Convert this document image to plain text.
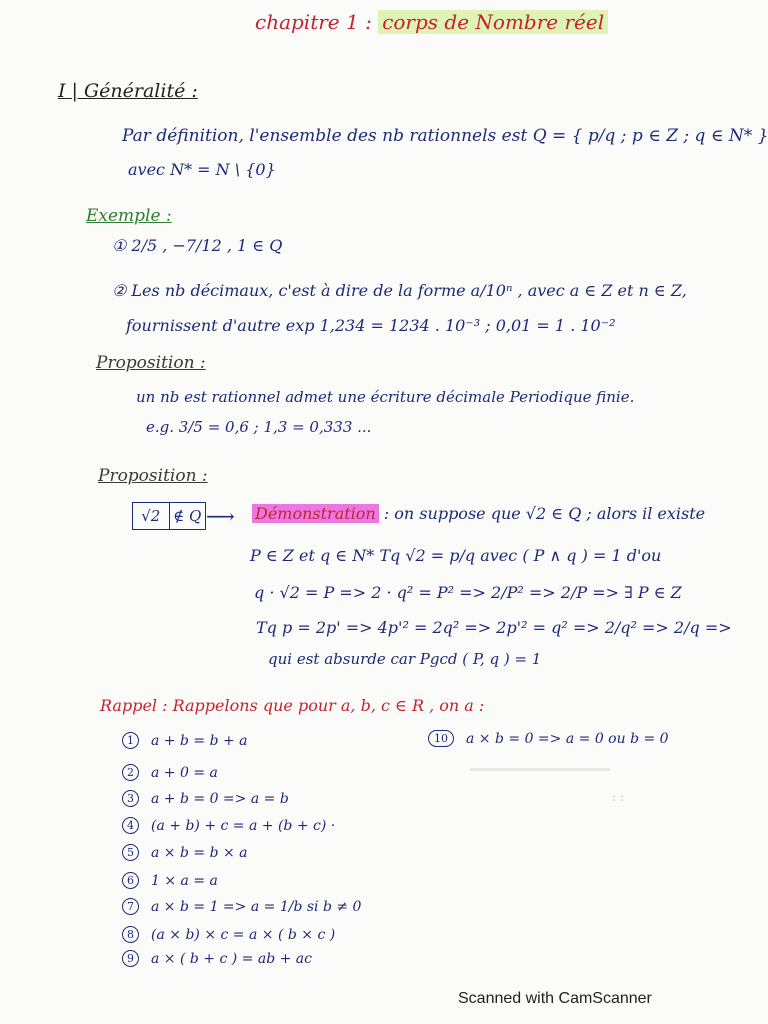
chapitre 1 : corps de Nombre réel
I | Généralité :
Par définition, l'ensemble des nb rationnels est Q = { p/q ; p ∈ Z ; q ∈ N* }
avec N* = N \ {0}
Exemple :
① 2/5 , −7/12 , 1 ∈ Q
② Les nb décimaux, c'est à dire de la forme a/10ⁿ , avec a ∈ Z et n ∈ Z,
fournissent d'autre exp 1,234 = 1234 . 10⁻³ ; 0,01 = 1 . 10⁻²
Proposition :
un nb est rationnel admet une écriture décimale Periodique finie.
e.g. 3/5 = 0,6 ; 1,3 = 0,333 ...
Proposition :
√2 ∉ Q ⟶ Démonstration : on suppose que √2 ∈ Q ; alors il existe
P ∈ Z et q ∈ N* Tq √2 = p/q avec ( P ∧ q ) = 1 d'ou
q · √2 = P => 2 · q² = P² => 2/P² => 2/P => ∃ P ∈ Z
Tq p = 2p' => 4p'² = 2q² => 2p'² = q² => 2/q² => 2/q =>
qui est absurde car Pgcd ( P, q ) = 1
Rappel : Rappelons que pour a, b, c ∈ R , on a :
1	a + b = b + a
2	a + 0 = a
3	a + b = 0 => a = b
4	(a + b) + c = a + (b + c) ·
5	a × b = b × a
6	1 × a = a
7	a × b = 1 => a = 1/b si b ≠ 0
8	(a × b) × c = a × ( b × c )
9	a × ( b + c ) = ab + ac
10	a × b = 0 => a = 0 ou b = 0
: :
Scanned with CamScanner
